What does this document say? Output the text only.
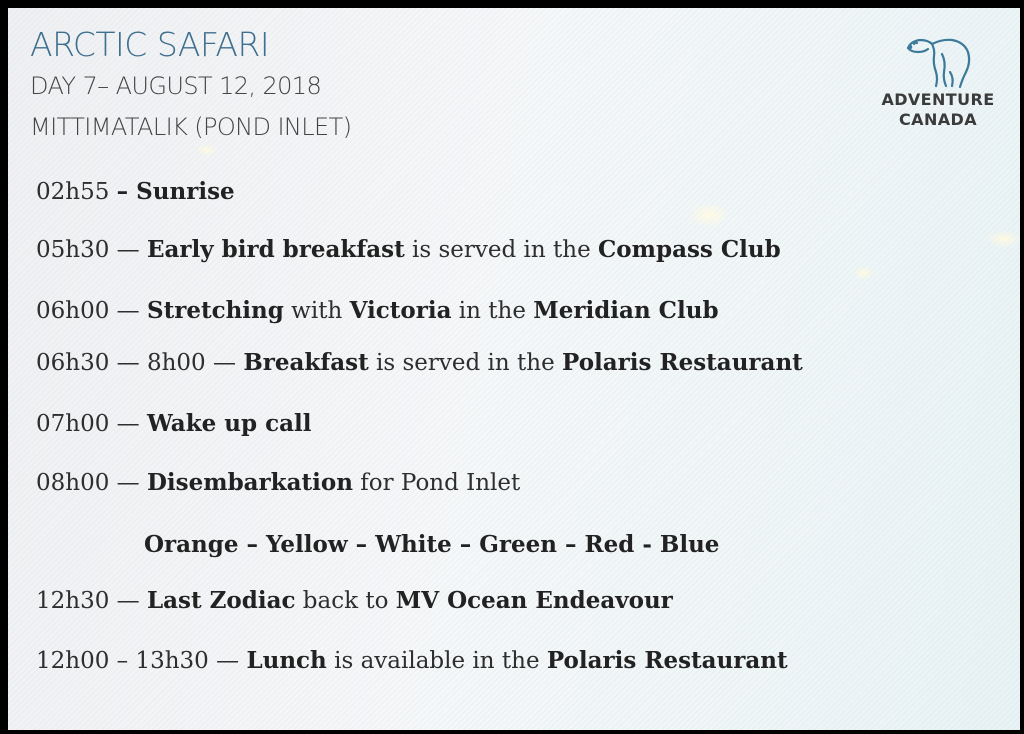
ARCTIC SAFARI
DAY 7– AUGUST 12, 2018
MITTIMATALIK (POND INLET)
ADVENTURE
CANADA
02h55 – Sunrise
05h30 — Early bird breakfast is served in the Compass Club
06h00 — Stretching with Victoria in the Meridian Club
06h30 — 8h00 — Breakfast is served in the Polaris Restaurant
07h00 — Wake up call
08h00 — Disembarkation for Pond Inlet
Orange – Yellow – White – Green – Red - Blue
12h30 — Last Zodiac back to MV Ocean Endeavour
12h00 – 13h30 — Lunch is available in the Polaris Restaurant
